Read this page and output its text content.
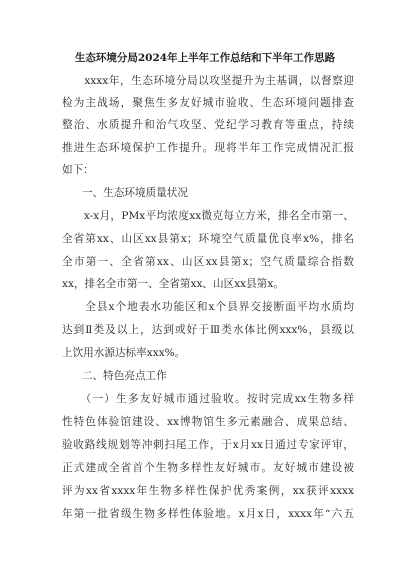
生态环境分局2024年上半年工作总结和下半年工作思路
　　xxxx年，生态环境分局以攻坚提升为主基调，以督察迎
检为主战场，聚焦生多友好城市验收、生态环境问题排查
整治、水质提升和治气攻坚、党纪学习教育等重点，持续
推进生态环境保护工作提升。现将半年工作完成情况汇报
如下：
一、生态环境质量状况
　　x-x月，PMx平均浓度xx微克每立方米，排名全市第一、
全省第xx、山区xx县第x；环境空气质量优良率x%，排名
全市第一、全省第xx、山区xx县第x；空气质量综合指数
xx，排名全市第一、全省第xx、山区xx县第x。
　　全县x个地表水功能区和x个县界交接断面平均水质均
达到Ⅱ类及以上，达到或好于Ⅲ类水体比例xxx%，县级以
上饮用水源达标率xxx%。
二、特色亮点工作
　　（一）生多友好城市通过验收。按时完成xx生物多样
性特色体验馆建设、xx博物馆生多元素融合、成果总结、
验收路线规划等冲刺扫尾工作，于x月xx日通过专家评审，
正式建成全省首个生物多样性友好城市。友好城市建设被
评为xx省xxxx年生物多样性保护优秀案例，xx获评xxxx
年第一批省级生物多样性体验地。x月x日，xxxx年“六五
